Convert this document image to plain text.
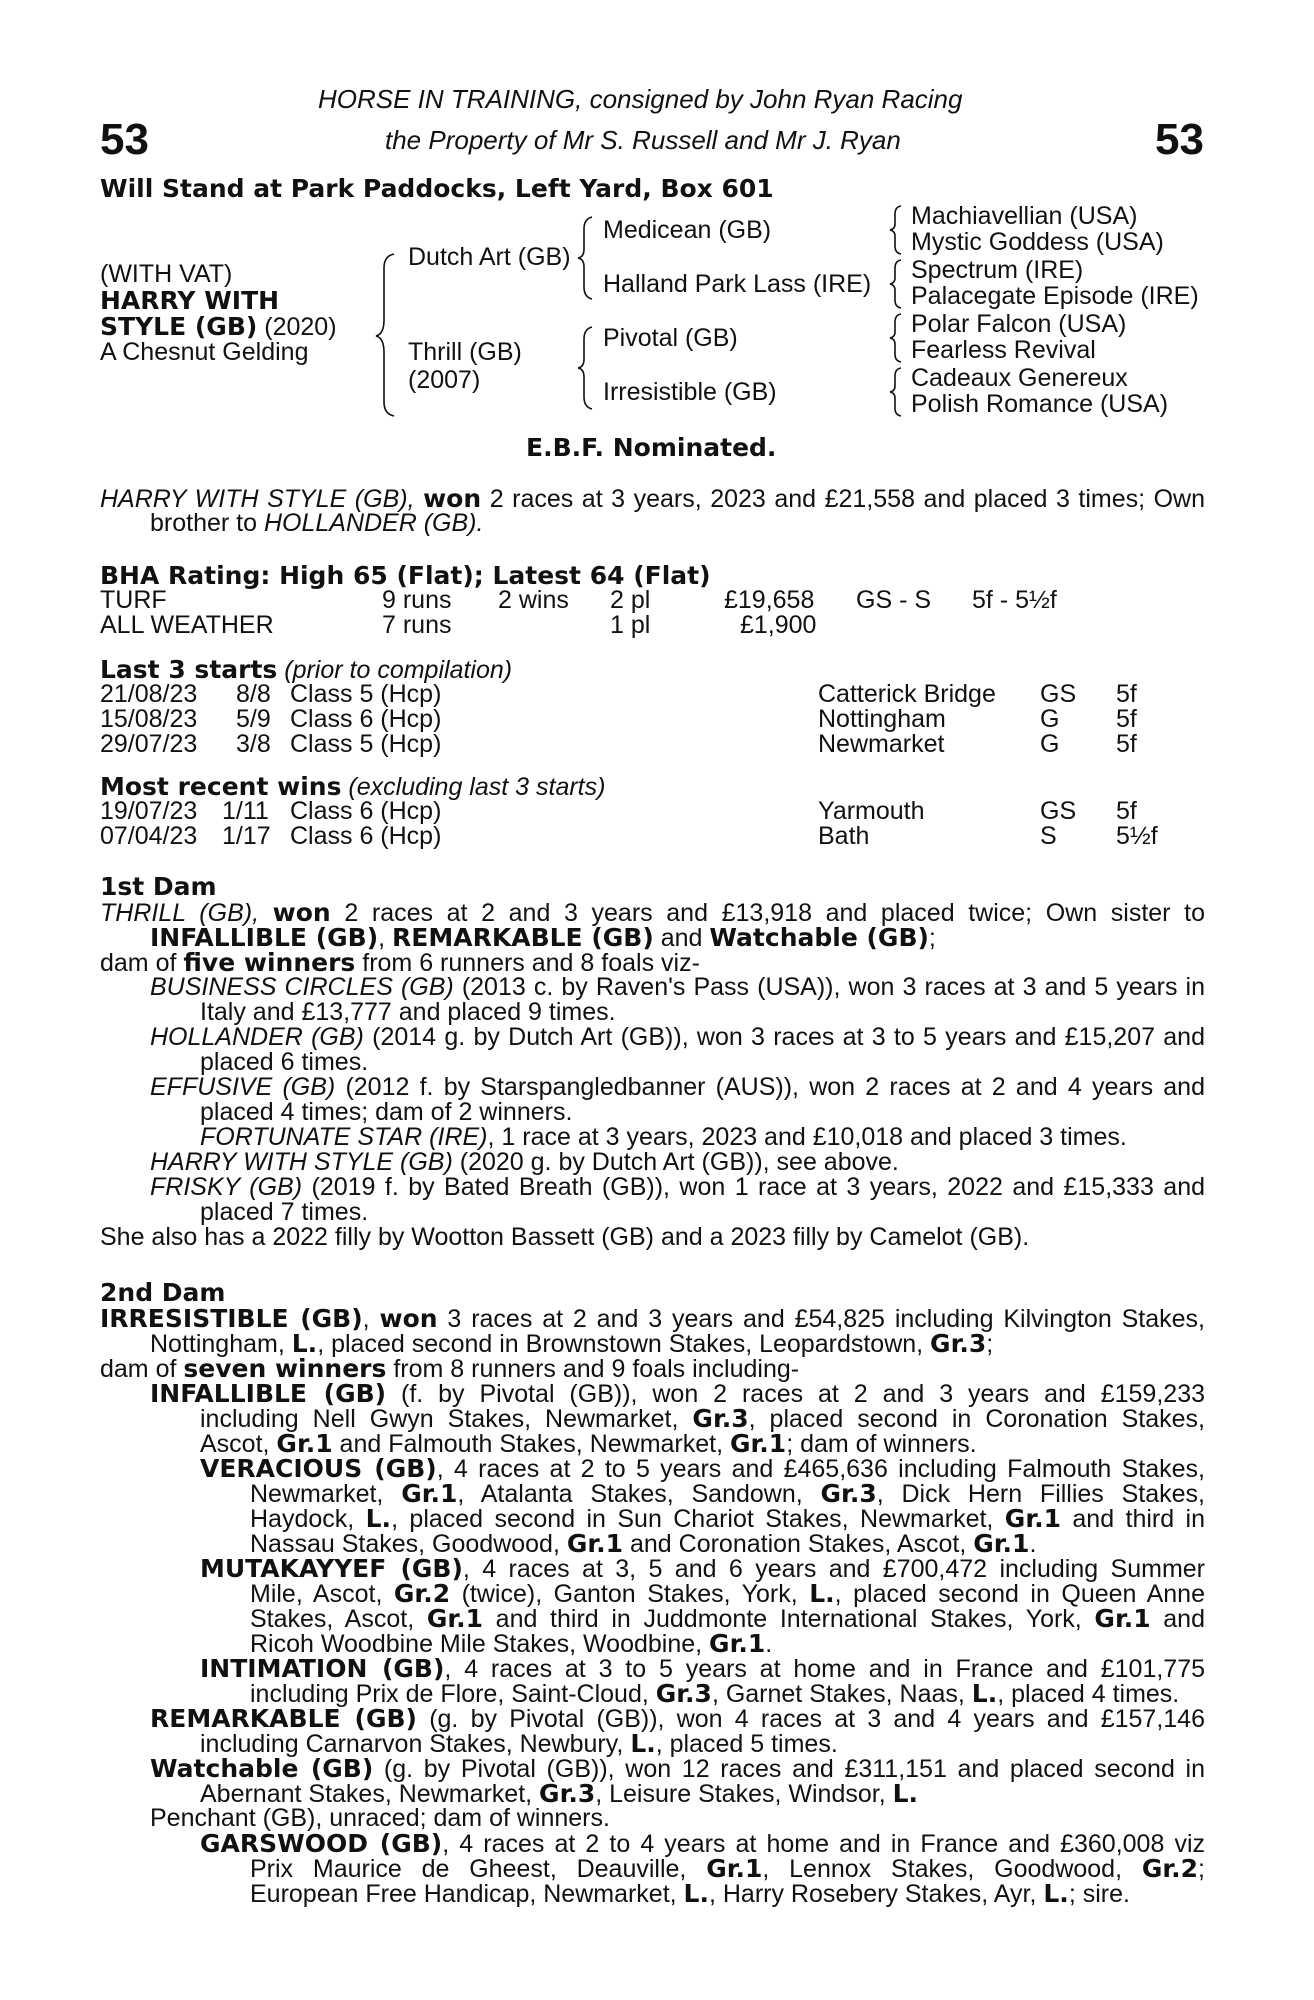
53	53
HORSE IN TRAINING, consigned by John Ryan Racing
the Property of Mr S. Russell and Mr J. Ryan
Will Stand at Park Paddocks, Left Yard, Box 601
(WITH VAT)
HARRY WITH
STYLE (GB) (2020)
A Chesnut Gelding
Dutch Art (GB)
Thrill (GB)
(2007)
Medicean (GB)
Halland Park Lass (IRE)
Pivotal (GB)
Irresistible (GB)
Machiavellian (USA)
Mystic Goddess (USA)
Spectrum (IRE)
Palacegate Episode (IRE)
Polar Falcon (USA)
Fearless Revival
Cadeaux Genereux
Polish Romance (USA)
E.B.F. Nominated.
HARRY WITH STYLE (GB), won 2 races at 3 years, 2023 and £21,558 and placed 3 times; Own
brother to HOLLANDER (GB).
BHA Rating: High 65 (Flat); Latest 64 (Flat)
TURF	9 runs 2 wins 2 pl	£19,658 GS - S 5f - 5½f
ALL WEATHER	7 runs	1 pl	£1,900
Last 3 starts (prior to compilation)
21/08/23 8/8 Class 5 (Hcp)	Catterick Bridge GS 5f
15/08/23 5/9 Class 6 (Hcp)	Nottingham	G 5f
29/07/23 3/8 Class 5 (Hcp)	Newmarket	G 5f
Most recent wins (excluding last 3 starts)
19/07/23 1/11 Class 6 (Hcp)	Yarmouth	GS 5f
07/04/23 1/17 Class 6 (Hcp)	Bath	S 5½f
1st Dam
THRILL (GB), won 2 races at 2 and 3 years and £13,918 and placed twice; Own sister to
INFALLIBLE (GB), REMARKABLE (GB) and Watchable (GB);
dam of five winners from 6 runners and 8 foals viz-
BUSINESS CIRCLES (GB) (2013 c. by Raven's Pass (USA)), won 3 races at 3 and 5 years in
Italy and £13,777 and placed 9 times.
HOLLANDER (GB) (2014 g. by Dutch Art (GB)), won 3 races at 3 to 5 years and £15,207 and
placed 6 times.
EFFUSIVE (GB) (2012 f. by Starspangledbanner (AUS)), won 2 races at 2 and 4 years and
placed 4 times; dam of 2 winners.
FORTUNATE STAR (IRE), 1 race at 3 years, 2023 and £10,018 and placed 3 times.
HARRY WITH STYLE (GB) (2020 g. by Dutch Art (GB)), see above.
FRISKY (GB) (2019 f. by Bated Breath (GB)), won 1 race at 3 years, 2022 and £15,333 and
placed 7 times.
She also has a 2022 filly by Wootton Bassett (GB) and a 2023 filly by Camelot (GB).
2nd Dam
IRRESISTIBLE (GB), won 3 races at 2 and 3 years and £54,825 including Kilvington Stakes,
Nottingham, L., placed second in Brownstown Stakes, Leopardstown, Gr.3;
dam of seven winners from 8 runners and 9 foals including-
INFALLIBLE (GB) (f. by Pivotal (GB)), won 2 races at 2 and 3 years and £159,233
including Nell Gwyn Stakes, Newmarket, Gr.3, placed second in Coronation Stakes,
Ascot, Gr.1 and Falmouth Stakes, Newmarket, Gr.1; dam of winners.
VERACIOUS (GB), 4 races at 2 to 5 years and £465,636 including Falmouth Stakes,
Newmarket, Gr.1, Atalanta Stakes, Sandown, Gr.3, Dick Hern Fillies Stakes,
Haydock, L., placed second in Sun Chariot Stakes, Newmarket, Gr.1 and third in
Nassau Stakes, Goodwood, Gr.1 and Coronation Stakes, Ascot, Gr.1.
MUTAKAYYEF (GB), 4 races at 3, 5 and 6 years and £700,472 including Summer
Mile, Ascot, Gr.2 (twice), Ganton Stakes, York, L., placed second in Queen Anne
Stakes, Ascot, Gr.1 and third in Juddmonte International Stakes, York, Gr.1 and
Ricoh Woodbine Mile Stakes, Woodbine, Gr.1.
INTIMATION (GB), 4 races at 3 to 5 years at home and in France and £101,775
including Prix de Flore, Saint-Cloud, Gr.3, Garnet Stakes, Naas, L., placed 4 times.
REMARKABLE (GB) (g. by Pivotal (GB)), won 4 races at 3 and 4 years and £157,146
including Carnarvon Stakes, Newbury, L., placed 5 times.
Watchable (GB) (g. by Pivotal (GB)), won 12 races and £311,151 and placed second in
Abernant Stakes, Newmarket, Gr.3, Leisure Stakes, Windsor, L.
Penchant (GB), unraced; dam of winners.
GARSWOOD (GB), 4 races at 2 to 4 years at home and in France and £360,008 viz
Prix Maurice de Gheest, Deauville, Gr.1, Lennox Stakes, Goodwood, Gr.2;
European Free Handicap, Newmarket, L., Harry Rosebery Stakes, Ayr, L.; sire.
